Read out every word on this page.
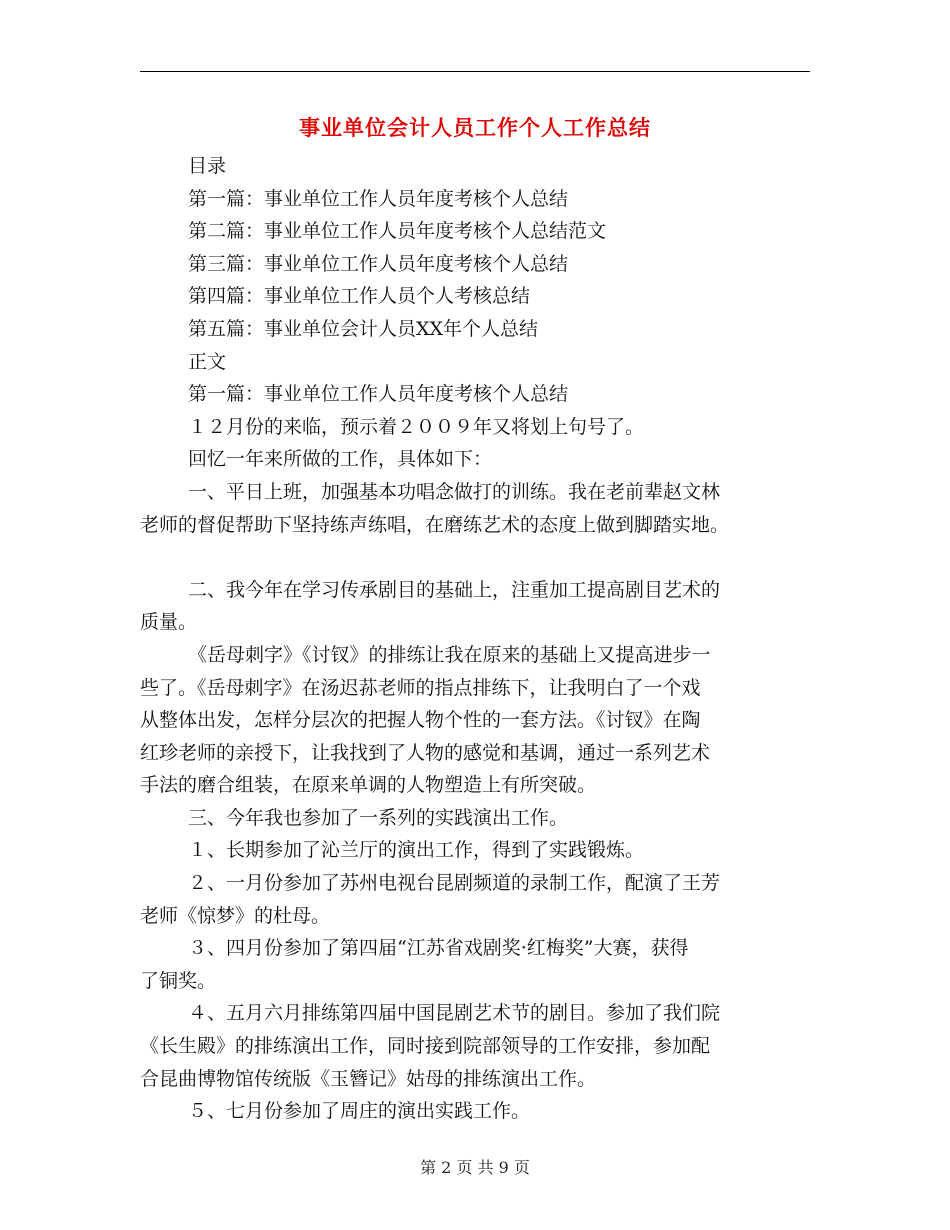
事业单位会计人员工作个人工作总结
目录
第一篇：事业单位工作人员年度考核个人总结
第二篇：事业单位工作人员年度考核个人总结范文
第三篇：事业单位工作人员年度考核个人总结
第四篇：事业单位工作人员个人考核总结
第五篇：事业单位会计人员XX年个人总结
正文
第一篇：事业单位工作人员年度考核个人总结
１２月份的来临，预示着２００９年又将划上句号了。
回忆一年来所做的工作，具体如下：
一、平日上班，加强基本功唱念做打的训练。我在老前辈赵文林
老师的督促帮助下坚持练声练唱，在磨练艺术的态度上做到脚踏实地。
二、我今年在学习传承剧目的基础上，注重加工提高剧目艺术的
质量。
《岳母刺字》《讨钗》的排练让我在原来的基础上又提高进步一
些了。《岳母刺字》在汤迟荪老师的指点排练下，让我明白了一个戏
从整体出发，怎样分层次的把握人物个性的一套方法。《讨钗》在陶
红珍老师的亲授下，让我找到了人物的感觉和基调，通过一系列艺术
手法的磨合组装，在原来单调的人物塑造上有所突破。
三、今年我也参加了一系列的实践演出工作。
１、长期参加了沁兰厅的演出工作，得到了实践锻炼。
２、一月份参加了苏州电视台昆剧频道的录制工作，配演了王芳
老师《惊梦》的杜母。
３、四月份参加了第四届“江苏省戏剧奖·红梅奖”大赛，获得
了铜奖。
４、五月六月排练第四届中国昆剧艺术节的剧目。参加了我们院
《长生殿》的排练演出工作，同时接到院部领导的工作安排，参加配
合昆曲博物馆传统版《玉簪记》姑母的排练演出工作。
５、七月份参加了周庄的演出实践工作。
第 2 页 共 9 页
